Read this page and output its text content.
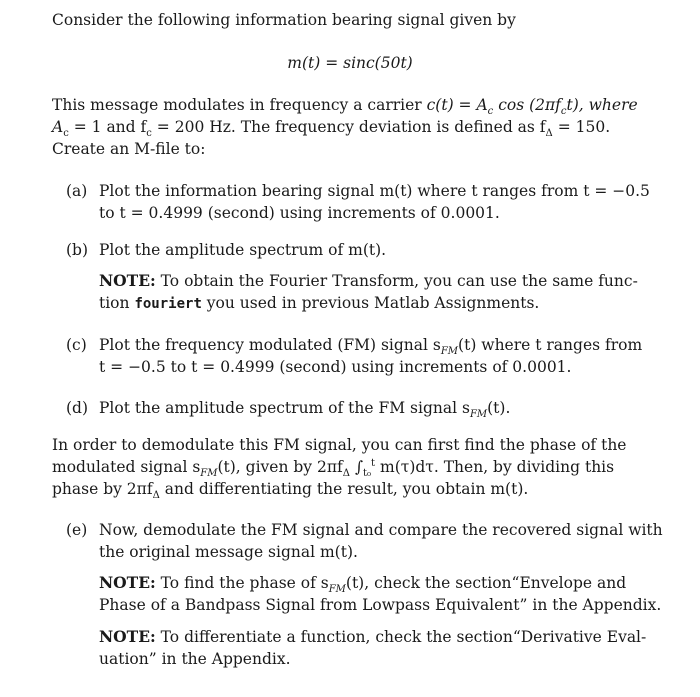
Consider the following information bearing signal given by
m(t) = sinc(50t)
This message modulates in frequency a carrier $c(t) = A_c$ $\cos (2\pi f_ct)$, where
$A_c = 1$ and $f_c = 200$ Hz. The frequency deviation is defined as $f_\Delta = 150$.
Create an M-file to:
(a) Plot the information bearing signal m(t) where t ranges from t = −0.5
to t = 0.4999 (second) using increments of 0.0001.
(b) Plot the amplitude spectrum of m(t).
NOTE: To obtain the Fourier Transform, you can use the same func-
tion fouriert you used in previous Matlab Assignments.
(c) Plot the frequency modulated (FM) signal $s_{FM}(t)$ where t ranges from
t = −0.5 to t = 0.4999 (second) using increments of 0.0001.
(d) Plot the amplitude spectrum of the FM signal $s_{FM}(t)$.
In order to demodulate this FM signal, you can first find the phase of the
modulated signal $s_{FM}(t)$, given by $2\pi f_\Delta$ $\int_{t_0}^t$ m(τ)dτ. Then, by dividing this
phase by $2\pi f_\Delta$ and differentiating the result, you obtain m(t).
(e) Now, demodulate the FM signal and compare the recovered signal with
the original message signal m(t).
NOTE: To find the phase of $s_{FM}(t)$, check the section“Envelope and
Phase of a Bandpass Signal from Lowpass Equivalent” in the Appendix.
NOTE: To differentiate a function, check the section“Derivative Eval-
uation” in the Appendix.
